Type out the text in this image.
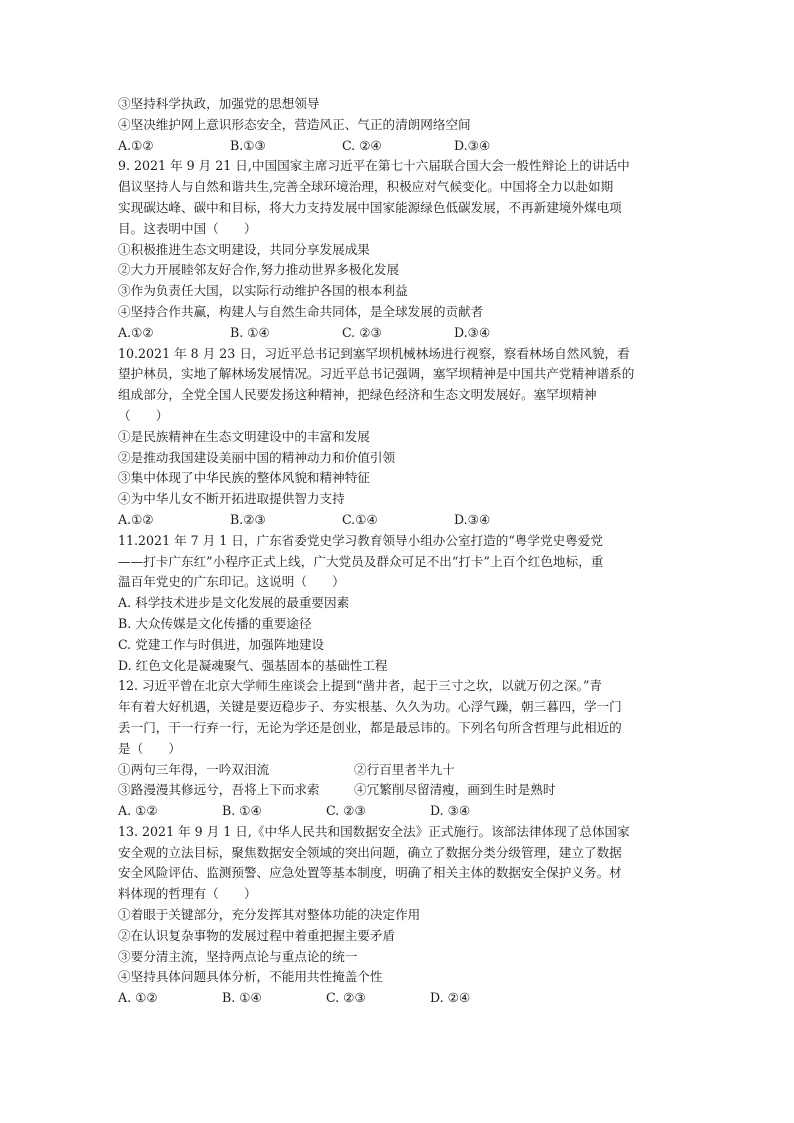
③坚持科学执政，加强党的思想领导
④坚决维护网上意识形态安全，营造风正、气正的清朗网络空间
A.①②	B.①③	C. ②④	D.③④
9. 2021 年 9 月 21 日,中国国家主席习近平在第七十六届联合国大会一般性辩论上的讲话中
倡议坚持人与自然和谐共生,完善全球环境治理，积极应对气候变化。中国将全力以赴如期
实现碳达峰、碳中和目标，将大力支持发展中国家能源绿色低碳发展，不再新建境外煤电项
目。这表明中国（　　）
①积极推进生态文明建设，共同分享发展成果
②大力开展睦邻友好合作,努力推动世界多极化发展
③作为负责任大国，以实际行动维护各国的根本利益
④坚持合作共赢，构建人与自然生命共同体，是全球发展的贡献者
A.①②	B. ①④	C. ②③	D.③④
10.2021 年 8 月 23 日，习近平总书记到塞罕坝机械林场进行视察，察看林场自然风貌，看
望护林员，实地了解林场发展情况。习近平总书记强调，塞罕坝精神是中国共产党精神谱系的
组成部分，全党全国人民要发扬这种精神，把绿色经济和生态文明发展好。塞罕坝精神
（　　）
①是民族精神在生态文明建设中的丰富和发展
②是推动我国建设美丽中国的精神动力和价值引领
③集中体现了中华民族的整体风貌和精神特征
④为中华儿女不断开拓进取提供智力支持
A.①②	B.②③	C.①④	D.③④
11.2021 年 7 月 1 日，广东省委党史学习教育领导小组办公室打造的“粤学党史粤爱党
——打卡广东红”小程序正式上线，广大党员及群众可足不出“打卡”上百个红色地标，重
温百年党史的广东印记。这说明（　　）
A. 科学技术进步是文化发展的最重要因素
B. 大众传媒是文化传播的重要途径
C. 党建工作与时俱进，加强阵地建设
D. 红色文化是凝魂聚气、强基固本的基础性工程
12. 习近平曾在北京大学师生座谈会上提到“凿井者，起于三寸之坎，以就万仞之深。”青
年有着大好机遇，关键是要迈稳步子、夯实根基、久久为功。心浮气躁，朝三暮四，学一门
丢一门，干一行弃一行，无论为学还是创业，都是最忌讳的。下列名句所含哲理与此相近的
是（　　）
①两句三年得，一吟双泪流	②行百里者半九十
③路漫漫其修远兮，吾将上下而求索	④冗繁削尽留清瘦，画到生时是熟时
A. ①②	B. ①④	C. ②③	D. ③④
13. 2021 年 9 月 1 日,《中华人民共和国数据安全法》正式施行。该部法律体现了总体国家
安全观的立法目标，聚焦数据安全领域的突出问题，确立了数据分类分级管理，建立了数据
安全风险评估、监测预警、应急处置等基本制度，明确了相关主体的数据安全保护义务。材
料体现的哲理有（　　）
①着眼于关键部分，充分发挥其对整体功能的决定作用
②在认识复杂事物的发展过程中着重把握主要矛盾
③要分清主流，坚持两点论与重点论的统一
④坚持具体问题具体分析，不能用共性掩盖个性
A. ①②	B. ①④	C. ②③	D. ②④
